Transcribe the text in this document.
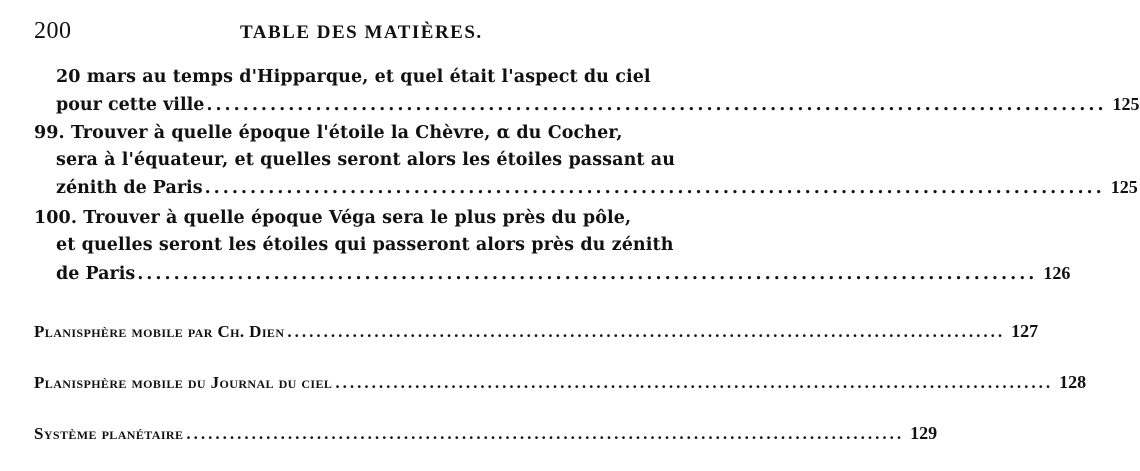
200	TABLE DES MATIÈRES.
20 mars au temps d'Hipparque, et quel était l'aspect du ciel
pour cette ville ................................................................................................... 125
99. Trouver à quelle époque l'étoile la Chèvre, α du Cocher,
sera à l'équateur, et quelles seront alors les étoiles passant au
zénith de Paris ................................................................................................... 125
100. Trouver à quelle époque Véga sera le plus près du pôle,
et quelles seront les étoiles qui passeront alors près du zénith
de Paris ................................................................................................... 126
Planisphère mobile par Ch. Dien ................................................................................................... 127
Planisphère mobile du Journal du ciel ................................................................................................... 128
Système planétaire ................................................................................................... 129
